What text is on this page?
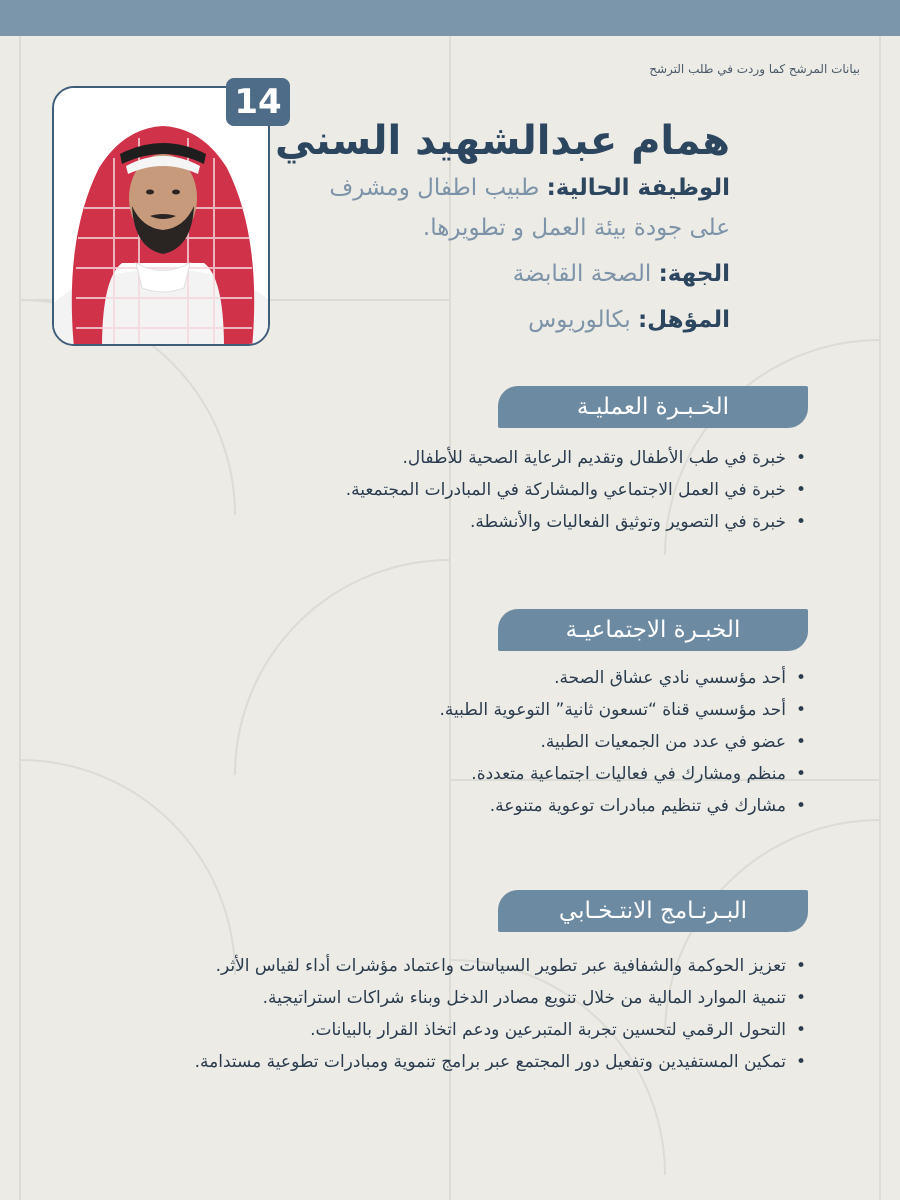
بيانات المرشح كما وردت في طلب الترشح
14
همام عبدالشهيد السني
الوظيفة الحالية: طبيب اطفال ومشرف
على جودة بيئة العمل و تطويرها.
الجهة: الصحة القابضة
المؤهل: بكالوريوس
الخـبـرة العمليـة
• خبرة في طب الأطفال وتقديم الرعاية الصحية للأطفال.
• خبرة في العمل الاجتماعي والمشاركة في المبادرات المجتمعية.
• خبرة في التصوير وتوثيق الفعاليات والأنشطة.
الخبـرة الاجتماعيـة
• أحد مؤسسي نادي عشاق الصحة.
• أحد مؤسسي قناة “تسعون ثانية” التوعوية الطبية.
• عضو في عدد من الجمعيات الطبية.
• منظم ومشارك في فعاليات اجتماعية متعددة.
• مشارك في تنظيم مبادرات توعوية متنوعة.
البـرنـامج الانتـخـابي
• تعزيز الحوكمة والشفافية عبر تطوير السياسات واعتماد مؤشرات أداء لقياس الأثر.
• تنمية الموارد المالية من خلال تنويع مصادر الدخل وبناء شراكات استراتيجية.
• التحول الرقمي لتحسين تجربة المتبرعين ودعم اتخاذ القرار بالبيانات.
• تمكين المستفيدين وتفعيل دور المجتمع عبر برامج تنموية ومبادرات تطوعية مستدامة.
